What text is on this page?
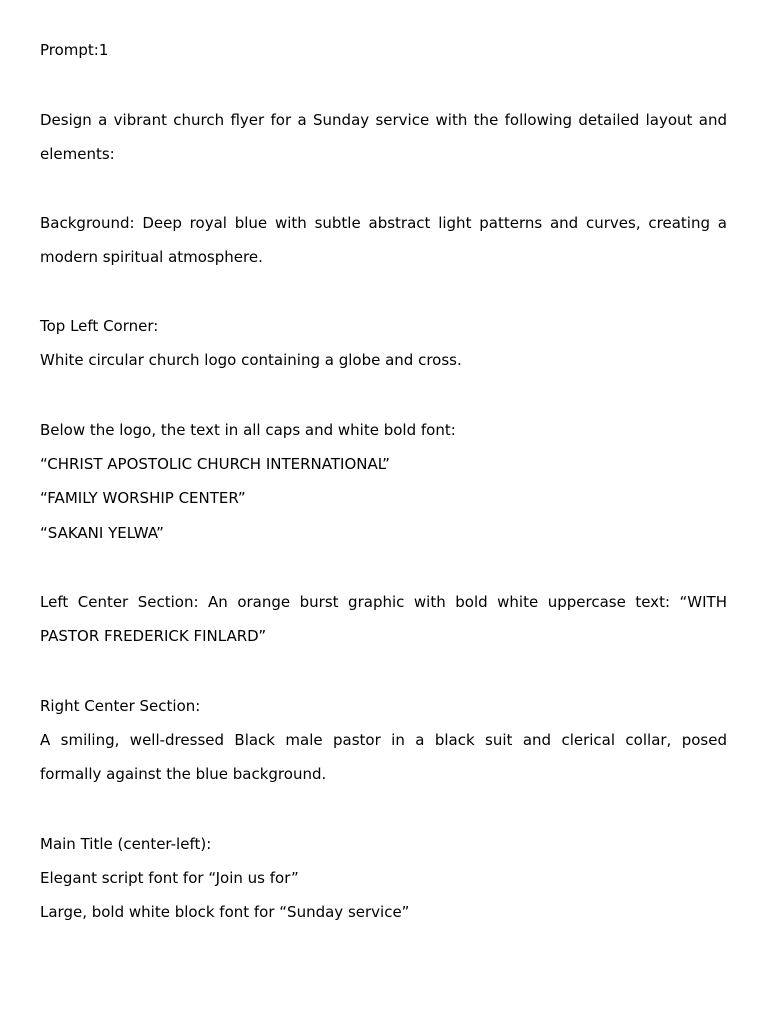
Prompt:1
Design a vibrant church flyer for a Sunday service with the following detailed layout and
elements:
Background: Deep royal blue with subtle abstract light patterns and curves, creating a
modern spiritual atmosphere.
Top Left Corner:
White circular church logo containing a globe and cross.
Below the logo, the text in all caps and white bold font:
“CHRIST APOSTOLIC CHURCH INTERNATIONAL”
“FAMILY WORSHIP CENTER”
“SAKANI YELWA”
Left Center Section: An orange burst graphic with bold white uppercase text: “WITH
PASTOR FREDERICK FINLARD”
Right Center Section:
A smiling, well-dressed Black male pastor in a black suit and clerical collar, posed
formally against the blue background.
Main Title (center-left):
Elegant script font for “Join us for”
Large, bold white block font for “Sunday service”
